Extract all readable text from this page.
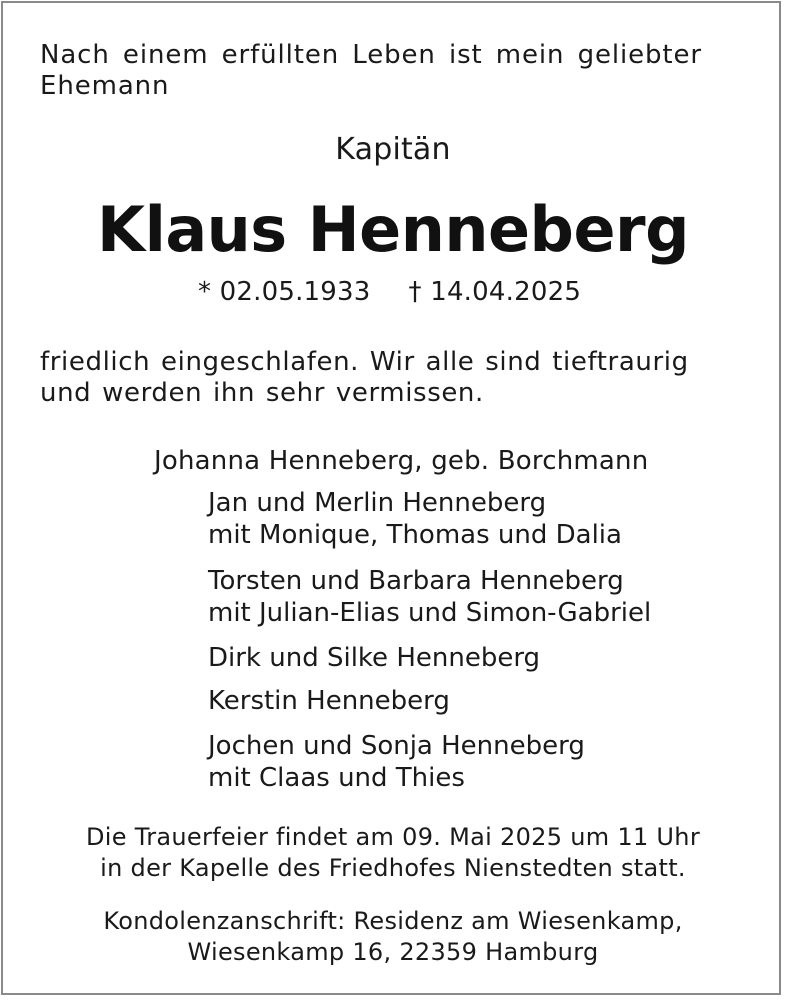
Nach einem erfüllten Leben ist mein geliebter
Ehemann
Kapitän
Klaus Henneberg
* 02.05.1933 † 14.04.2025
friedlich eingeschlafen. Wir alle sind tieftraurig
und werden ihn sehr vermissen.
Johanna Henneberg, geb. Borchmann
Jan und Merlin Henneberg
mit Monique, Thomas und Dalia
Torsten und Barbara Henneberg
mit Julian-Elias und Simon-Gabriel
Dirk und Silke Henneberg
Kerstin Henneberg
Jochen und Sonja Henneberg
mit Claas und Thies
Die Trauerfeier findet am 09. Mai 2025 um 11 Uhr
in der Kapelle des Friedhofes Nienstedten statt.
Kondolenzanschrift: Residenz am Wiesenkamp,
Wiesenkamp 16, 22359 Hamburg
